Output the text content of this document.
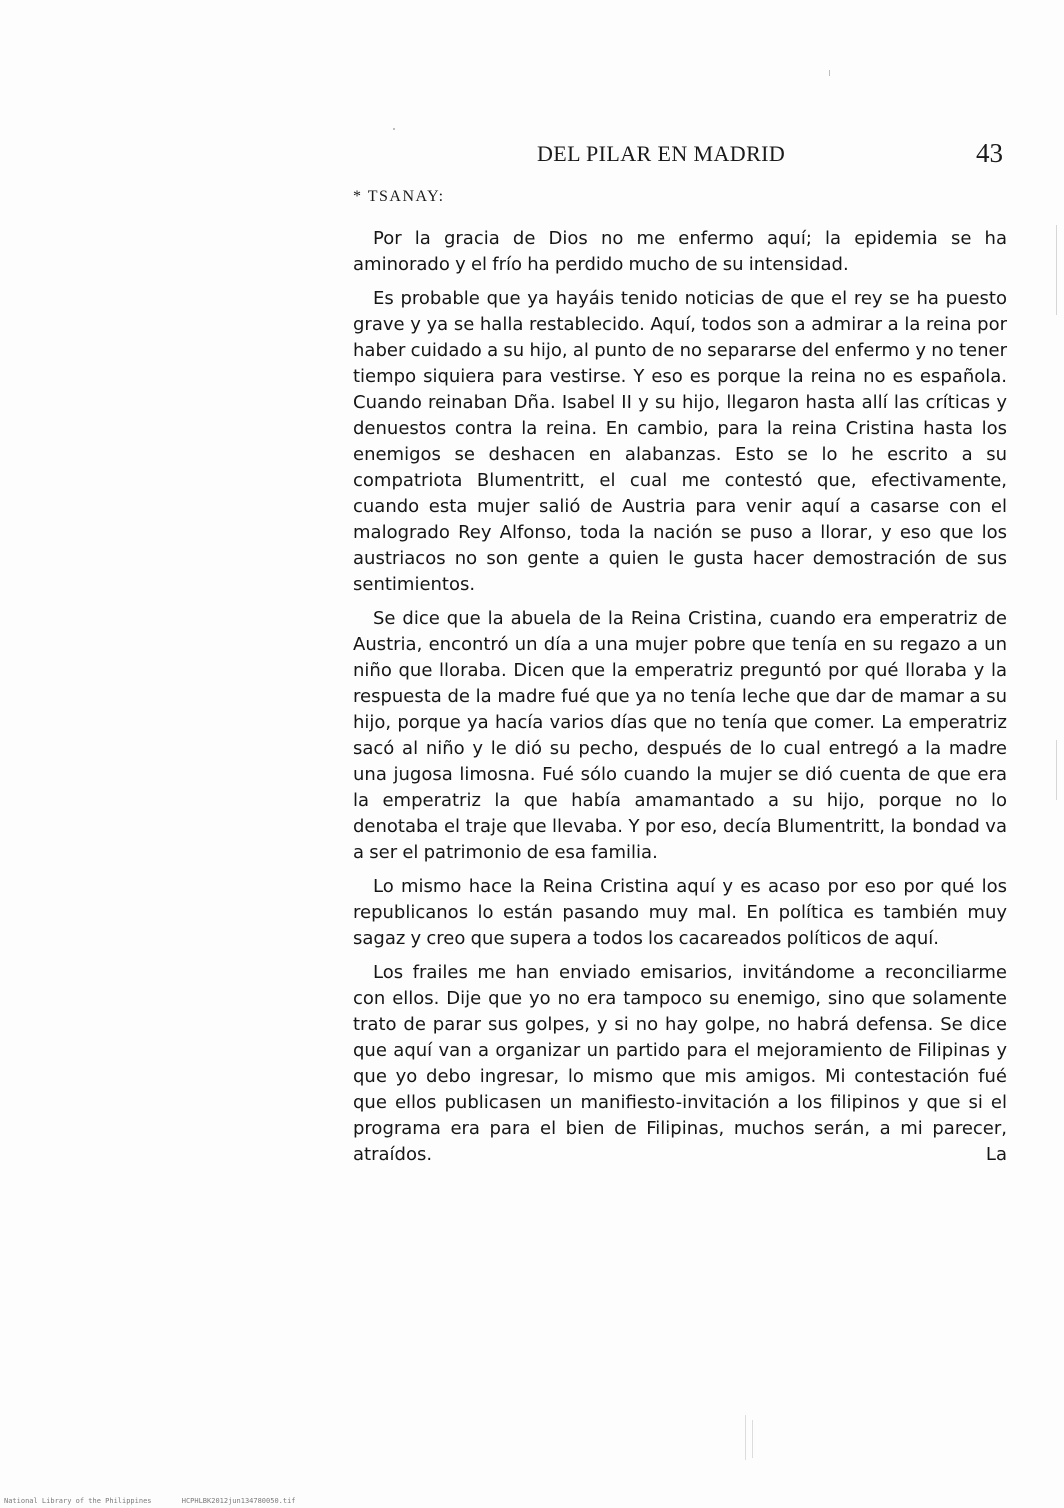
DEL PILAR EN MADRID	43
* TSANAY:

Por la gracia de Dios no me enfermo aquí; la epidemia se ha aminorado y el frío ha perdido mucho de su intensidad.

Es probable que ya hayáis tenido noticias de que el rey se ha puesto grave y ya se halla restablecido. Aquí, todos son a admirar a la reina por haber cuidado a su hijo, al punto de no separarse del enfermo y no tener tiempo siquiera para vestirse. Y eso es porque la reina no es española. Cuando reinaban Dña. Isabel II y su hijo, llegaron hasta allí las críticas y denuestos contra la reina. En cambio, para la reina Cristina hasta los enemigos se deshacen en alabanzas. Esto se lo he escrito a su compatriota Blumentritt, el cual me contestó que, efectivamente, cuando esta mujer salió de Austria para venir aquí a casarse con el malogrado Rey Alfonso, toda la nación se puso a llorar, y eso que los austriacos no son gente a quien le gusta hacer demostración de sus sentimientos.

Se dice que la abuela de la Reina Cristina, cuando era emperatriz de Austria, encontró un día a una mujer pobre que tenía en su regazo a un niño que lloraba. Dicen que la emperatriz preguntó por qué lloraba y la respuesta de la madre fué que ya no tenía leche que dar de mamar a su hijo, porque ya hacía varios días que no tenía que comer. La emperatriz sacó al niño y le dió su pecho, después de lo cual entregó a la madre una jugosa limosna. Fué sólo cuando la mujer se dió cuenta de que era la emperatriz la que había amamantado a su hijo, porque no lo denotaba el traje que llevaba. Y por eso, decía Blumentritt, la bondad va a ser el patrimonio de esa familia.

Lo mismo hace la Reina Cristina aquí y es acaso por eso por qué los republicanos lo están pasando muy mal. En política es también muy sagaz y creo que supera a todos los cacareados políticos de aquí.

Los frailes me han enviado emisarios, invitándome a reconciliarme con ellos. Dije que yo no era tampoco su enemigo, sino que solamente trato de parar sus golpes, y si no hay golpe, no habrá defensa. Se dice que aquí van a organizar un partido para el mejoramiento de Filipinas y que yo debo ingresar, lo mismo que mis amigos. Mi contestación fué que ellos publicasen un manifiesto-invitación a los filipinos y que si el programa era para el bien de Filipinas, muchos serán, a mi parecer, atraídos. La

National Library of the Philippines	HCPHLBK2012jun134780050.tif
